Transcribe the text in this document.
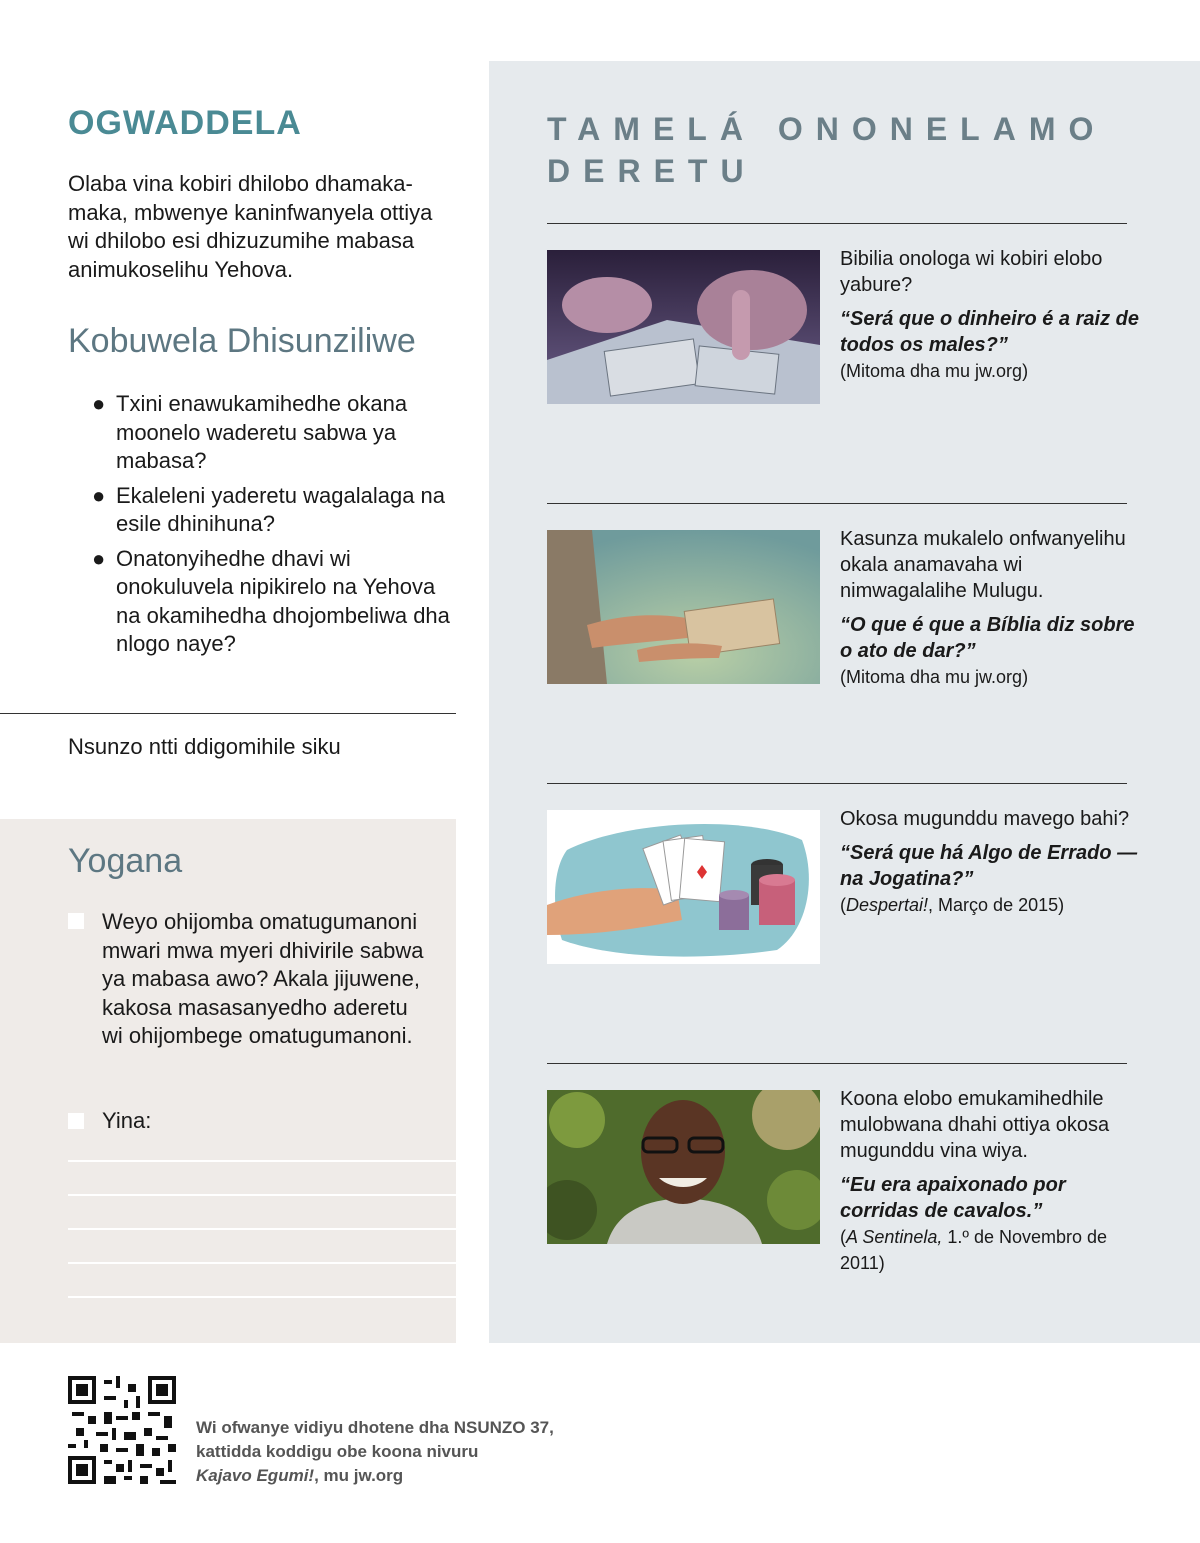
OGWADDELA
Olaba vina kobiri dhilobo dhamaka-maka, mbwenye kaninfwanyela ottiya wi dhilobo esi dhizuzumihe mabasa animukoselihu Yehova.
Kobuwela Dhisunziliwe
● Txini enawukamihedhe okana moonelo waderetu sabwa ya mabasa?
● Ekaleleni yaderetu wagalalaga na esile dhinihuna?
● Onatonyihedhe dhavi wi onokuluvela nipikirelo na Yehova na okamihedha dhojombeliwa dha nlogo naye?
Nsunzo ntti ddigomihile siku
Yogana
Weyo ohijomba omatugumanoni mwari mwa myeri dhivirile sabwa ya mabasa awo? Akala jijuwene, kakosa masasanyedho aderetu wi ohijombege omatugumanoni.
Yina:
TAMELÁ ONONELAMO DERETU
Bibilia onologa wi kobiri elobo yabure?
“Será que o dinheiro é a raiz de todos os males?”
(Mitoma dha mu jw.org)
Kasunza mukalelo onfwanyelihu okala anamavaha wi nimwagalalihe Mulugu.
“O que é que a Bíblia diz sobre o ato de dar?”
(Mitoma dha mu jw.org)
Okosa mugunddu mavego bahi?
“Será que há Algo de Errado —na Jogatina?”
(Despertai!, Março de 2015)
Koona elobo emukamihedhile mulobwana dhahi ottiya okosa mugunddu vina wiya.
“Eu era apaixonado por corridas de cavalos.”
(A Sentinela, 1.º de Novembro de 2011)
Wi ofwanye vidiyu dhotene dha NSUNZO 37,
kattidda koddigu obe koona nivuru
Kajavo Egumi!, mu jw.org
